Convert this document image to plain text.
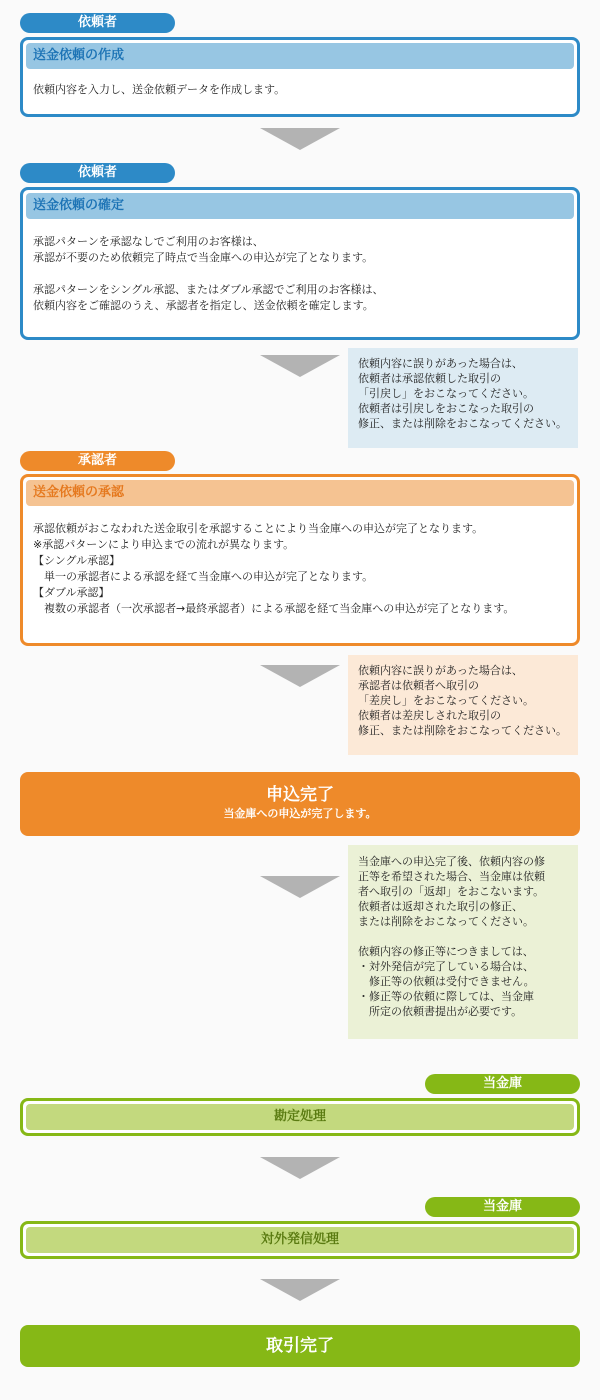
依頼者
送金依頼の作成

依頼内容を入力し、送金依頼データを作成します。

依頼者
送金依頼の確定

承認パターンを承認なしでご利用のお客様は、

承認が不要のため依頼完了時点で当金庫への申込が完了となります。

承認パターンをシングル承認、またはダブル承認でご利用のお客様は、

依頼内容をご確認のうえ、承認者を指定し、送金依頼を確定します。

依頼内容に誤りがあった場合は、

依頼者は承認依頼した取引の

「引戻し」をおこなってください。

依頼者は引戻しをおこなった取引の

修正、または削除をおこなってください。

承認者
送金依頼の承認

承認依頼がおこなわれた送金取引を承認することにより当金庫への申込が完了となります。

※承認パターンにより申込までの流れが異なります。

【シングル承認】

　単一の承認者による承認を経て当金庫への申込が完了となります。

【ダブル承認】

　複数の承認者（一次承認者→最終承認者）による承認を経て当金庫への申込が完了となります。

依頼内容に誤りがあった場合は、

承認者は依頼者へ取引の

「差戻し」をおこなってください。

依頼者は差戻しされた取引の

修正、または削除をおこなってください。

申込完了
当金庫への申込が完了します。

当金庫への申込完了後、依頼内容の修

正等を希望された場合、当金庫は依頼

者へ取引の「返却」をおこないます。

依頼者は返却された取引の修正、

または削除をおこなってください。

依頼内容の修正等につきましては、

・対外発信が完了している場合は、

　修正等の依頼は受付できません。

・修正等の依頼に際しては、当金庫

　所定の依頼書提出が必要です。

当金庫
勘定処理
当金庫
対外発信処理
取引完了
